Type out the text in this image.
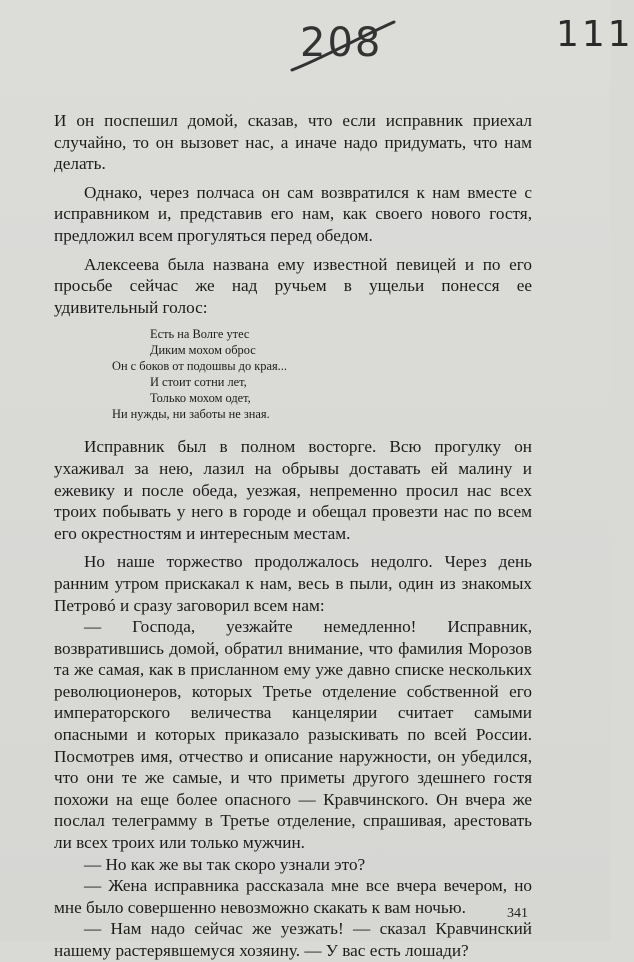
208	111

И он поспешил домой, сказав, что если исправник приехал случайно, то он вызовет нас, а иначе надо придумать, что нам делать.

Однако, через полчаса он сам возвратился к нам вместе с исправником и, представив его нам, как своего нового гостя, предложил всем прогуляться перед обедом.

Алексеева была названа ему известной певицей и по его просьбе сейчас же над ручьем в ущельи понесся ее удивительный голос:

Есть на Волге утес
Диким мохом оброс
Он с боков от подошвы до края...
И стоит сотни лет,
Только мохом одет,
Ни нужды, ни заботы не зная.

Исправник был в полном восторге. Всю прогулку он ухаживал за нею, лазил на обрывы доставать ей малину и ежевику и после обеда, уезжая, непременно просил нас всех троих побывать у него в городе и обещал провезти нас по всем его окрестностям и интересным местам.

Но наше торжество продолжалось недолго. Через день ранним утром прискакал к нам, весь в пыли, один из знакомых Петровó и сразу заговорил всем нам:

— Господа, уезжайте немедленно! Исправник, возвратившись домой, обратил внимание, что фамилия Морозов та же самая, как в присланном ему уже давно списке нескольких революционеров, которых Третье отделение собственной его императорского величества канцелярии считает самыми опасными и которых приказало разыскивать по всей России. Посмотрев имя, отчество и описание наружности, он убедился, что они те же самые, и что приметы другого здешнего гостя похожи на еще более опасного — Кравчинского. Он вчера же послал телеграмму в Третье отделение, спрашивая, арестовать ли всех троих или только мужчин.

— Но как же вы так скоро узнали это?

— Жена исправника рассказала мне все вчера вечером, но мне было совершенно невозможно скакать к вам ночью.

— Нам надо сейчас же уезжать! — сказал Кравчинский нашему растерявшемуся хозяину. — У вас есть лошади?

341
